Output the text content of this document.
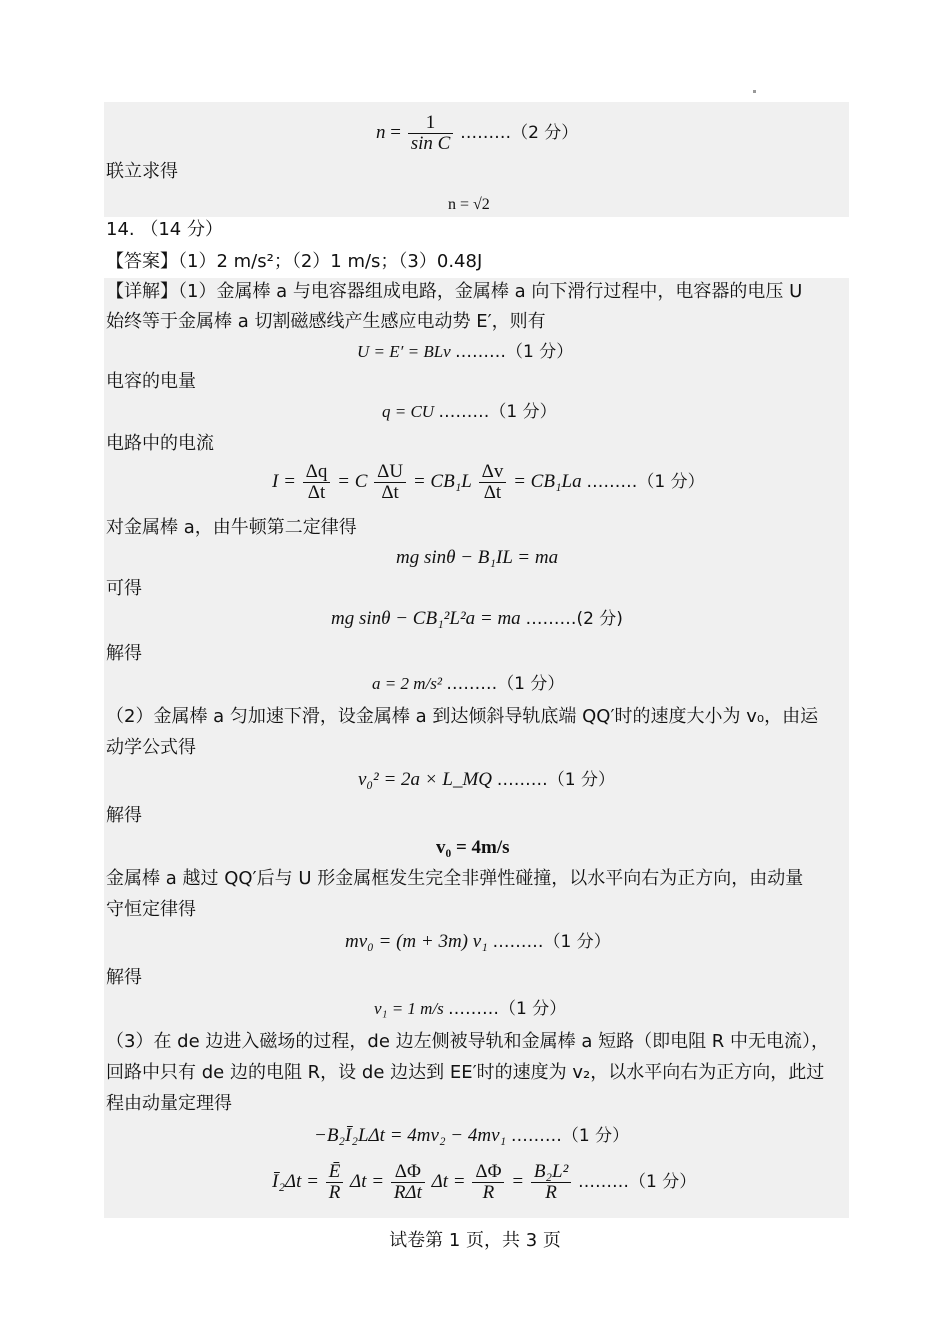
$n = \frac{1}{\text{sin C}}$ ………（2 分）
联立求得
n = √2
14. （14 分）
【答案】（1）2 m/s²；（2）1 m/s；（3）0.48J
【详解】（1）金属棒 a 与电容器组成电路，金属棒 a 向下滑行过程中，电容器的电压 U
始终等于金属棒 a 切割磁感线产生感应电动势 E′，则有
U = E′ = BLv ………（1 分）
电容的电量
q = CU ………（1 分）
电路中的电流
$I = \frac{\Delta q}{\Delta t} = C \frac{\Delta U}{\Delta t} = CB_1L \frac{\Delta v}{\Delta t} = CB_1La$ ………（1 分）
对金属棒 a，由牛顿第二定律得
mg sinθ − B₁IL = ma
可得
mg sinθ − CB₁²L²a = ma ………(2 分)
解得
a = 2 m/s² ………（1 分）
（2）金属棒 a 匀加速下滑，设金属棒 a 到达倾斜导轨底端 QQ′时的速度大小为 v₀，由运
动学公式得
v₀² = 2a × L_MQ ………（1 分）
解得
v₀ = 4m/s
金属棒 a 越过 QQ′后与 U 形金属框发生完全非弹性碰撞，以水平向右为正方向，由动量
守恒定律得
mv₀ = (m + 3m) v₁ ………（1 分）
解得
v₁ = 1 m/s ………（1 分）
（3）在 de 边进入磁场的过程，de 边左侧被导轨和金属棒 a 短路（即电阻 R 中无电流），
回路中只有 de 边的电阻 R，设 de 边达到 EE′时的速度为 v₂，以水平向右为正方向，此过
程由动量定理得
−B₂Ī₂LΔt = 4mv₂ − 4mv₁ ………（1 分）
Ī₂Δt = $\frac{Ē}{R}$ $\Delta t = \frac{\Delta\Phi}{\text{RΔt}}$ $\Delta t = \frac{\Delta\Phi}{R} = \frac{\text{B₂L²}}{R}$ ………（1 分）
试卷第 1 页，共 3 页
